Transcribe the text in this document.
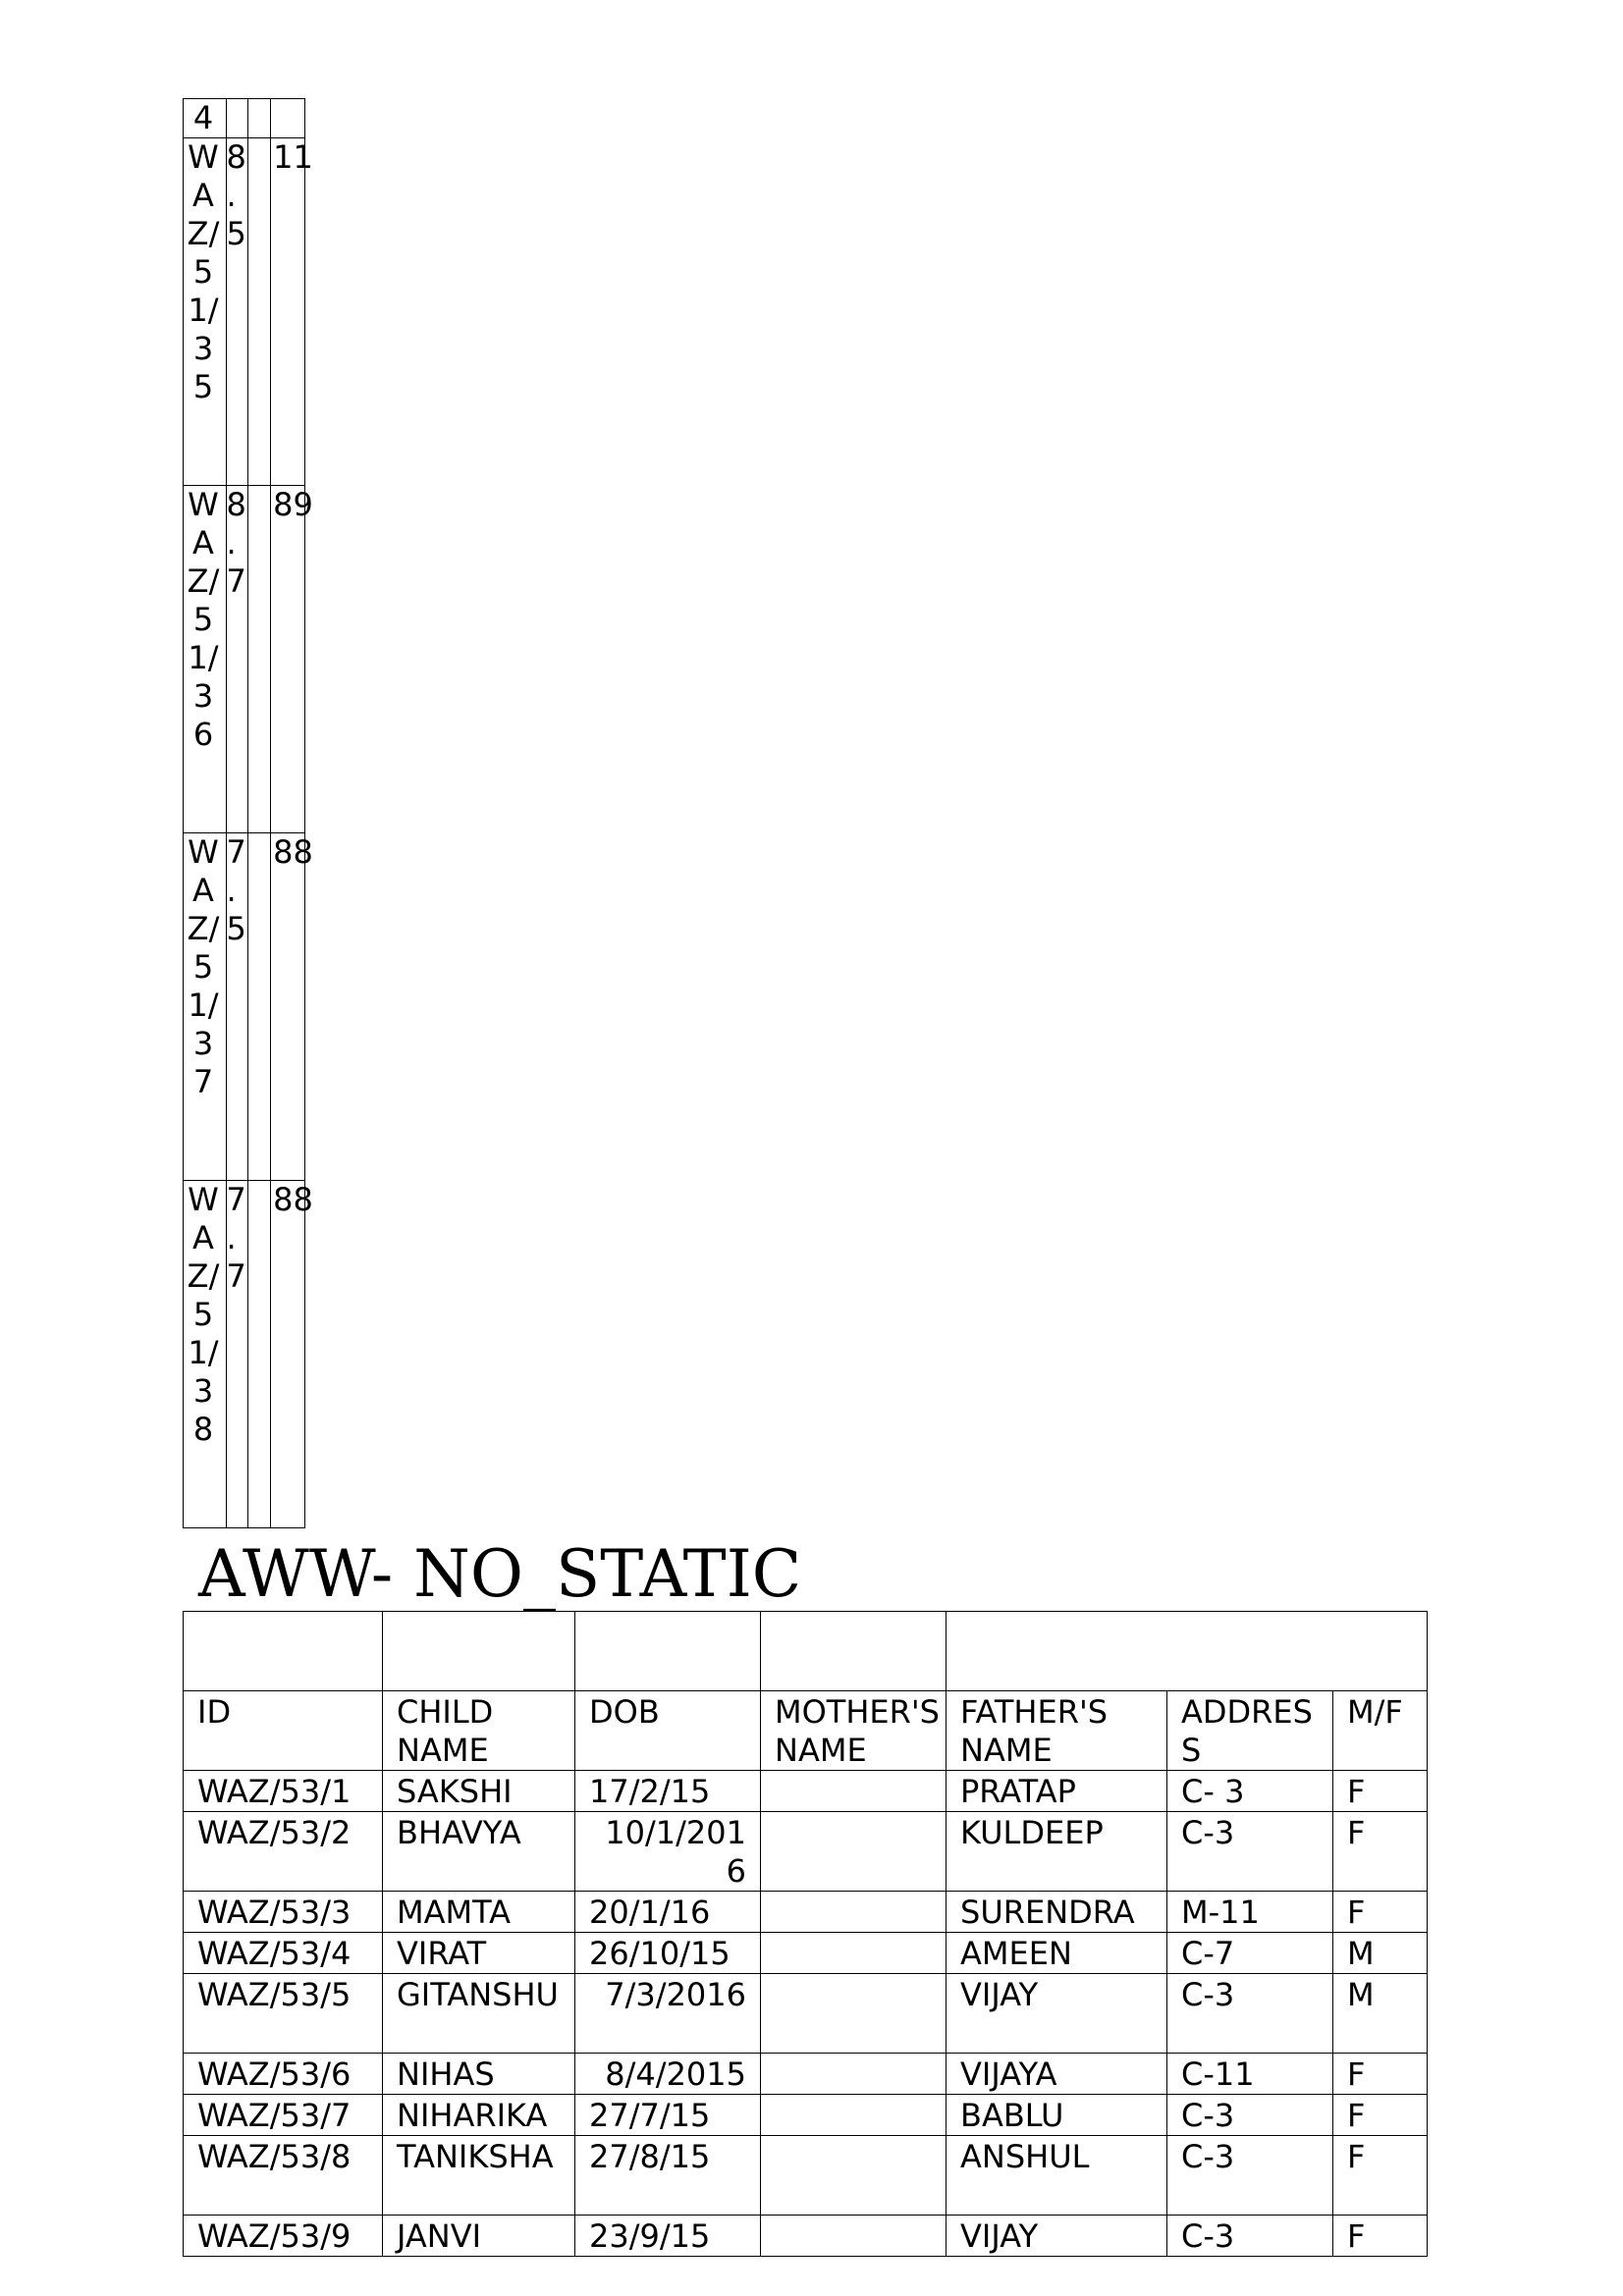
4			

WAZ/51/35	8.5		11

WAZ/51/36	8.7		89

WAZ/51/37	7.5		88

WAZ/51/38	7.7		88
AWW- NO_STATIC

ID	CHILD NAME	DOB	MOTHER'S NAME	FATHER'S NAME	ADDRESS	M/F
WAZ/53/1	SAKSHI	17/2/15		PRATAP	C- 3	F
WAZ/53/2	BHAVYA	10/1/2016		KULDEEP	C-3	F
WAZ/53/3	MAMTA	20/1/16		SURENDRA	M-11	F
WAZ/53/4	VIRAT	26/10/15		AMEEN	C-7	M
WAZ/53/5	GITANSHU	7/3/2016		VIJAY	C-3	M
WAZ/53/6	NIHAS	8/4/2015		VIJAYA	C-11	F
WAZ/53/7	NIHARIKA	27/7/15		BABLU	C-3	F
WAZ/53/8	TANIKSHA	27/8/15		ANSHUL	C-3	F
WAZ/53/9	JANVI	23/9/15		VIJAY	C-3	F
